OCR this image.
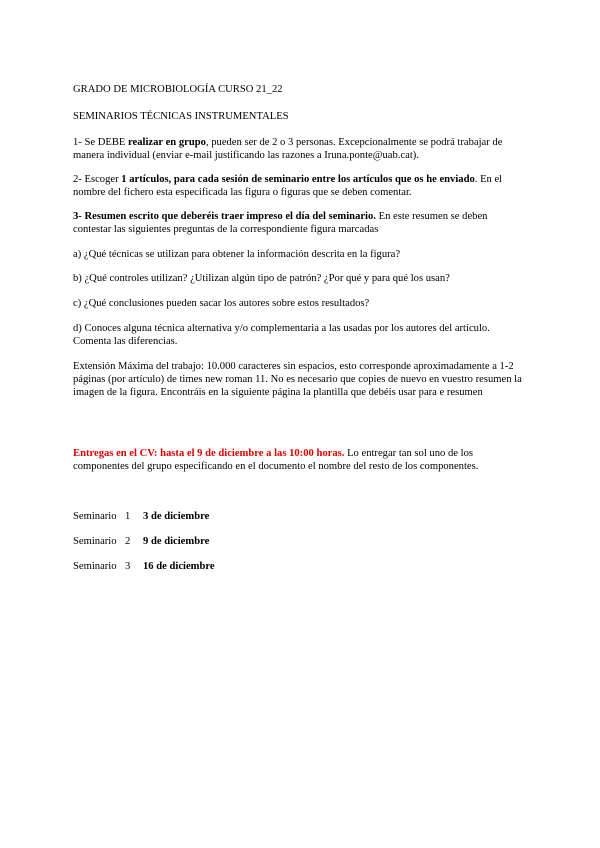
GRADO DE MICROBIOLOGÍA CURSO 21_22
SEMINARIOS TÉCNICAS INSTRUMENTALES
1- Se DEBE realizar en grupo, pueden ser de 2 o 3 personas. Excepcionalmente se podrá trabajar de manera individual (enviar e-mail justificando las razones a Iruna.ponte@uab.cat).
2- Escoger 1 artículos, para cada sesión de seminario entre los artículos que os he enviado. En el nombre del fichero esta especificada las figura o figuras que se deben comentar.
3- Resumen escrito que deberéis traer impreso el día del seminario. En este resumen se deben contestar las siguientes preguntas de la correspondiente figura marcadas
a) ¿Qué técnicas se utilizan para obtener la información descrita en la figura?
b) ¿Qué controles utilizan? ¿Utilizan algún tipo de patrón? ¿Por qué y para qué los usan?
c) ¿Qué conclusiones pueden sacar los autores sobre estos resultados?
d) Conoces alguna técnica alternativa y/o complementaria a las usadas por los autores del artículo. Comenta las diferencias.
Extensión Máxima del trabajo: 10.000 caracteres sin espacios, esto corresponde aproximadamente a 1-2 páginas (por artículo) de times new roman 11. No es necesario que copies de nuevo en vuestro resumen la imagen de la figura. Encontráis en la siguiente página la plantilla que debéis usar para e resumen
Entregas en el CV: hasta el 9 de diciembre a las 10:00 horas. Lo entregar tan sol uno de los componentes del grupo especificando en el documento el nombre del resto de los componentes.
Seminario 1 3 de diciembre
Seminario 2 9 de diciembre
Seminario 3 16 de diciembre
